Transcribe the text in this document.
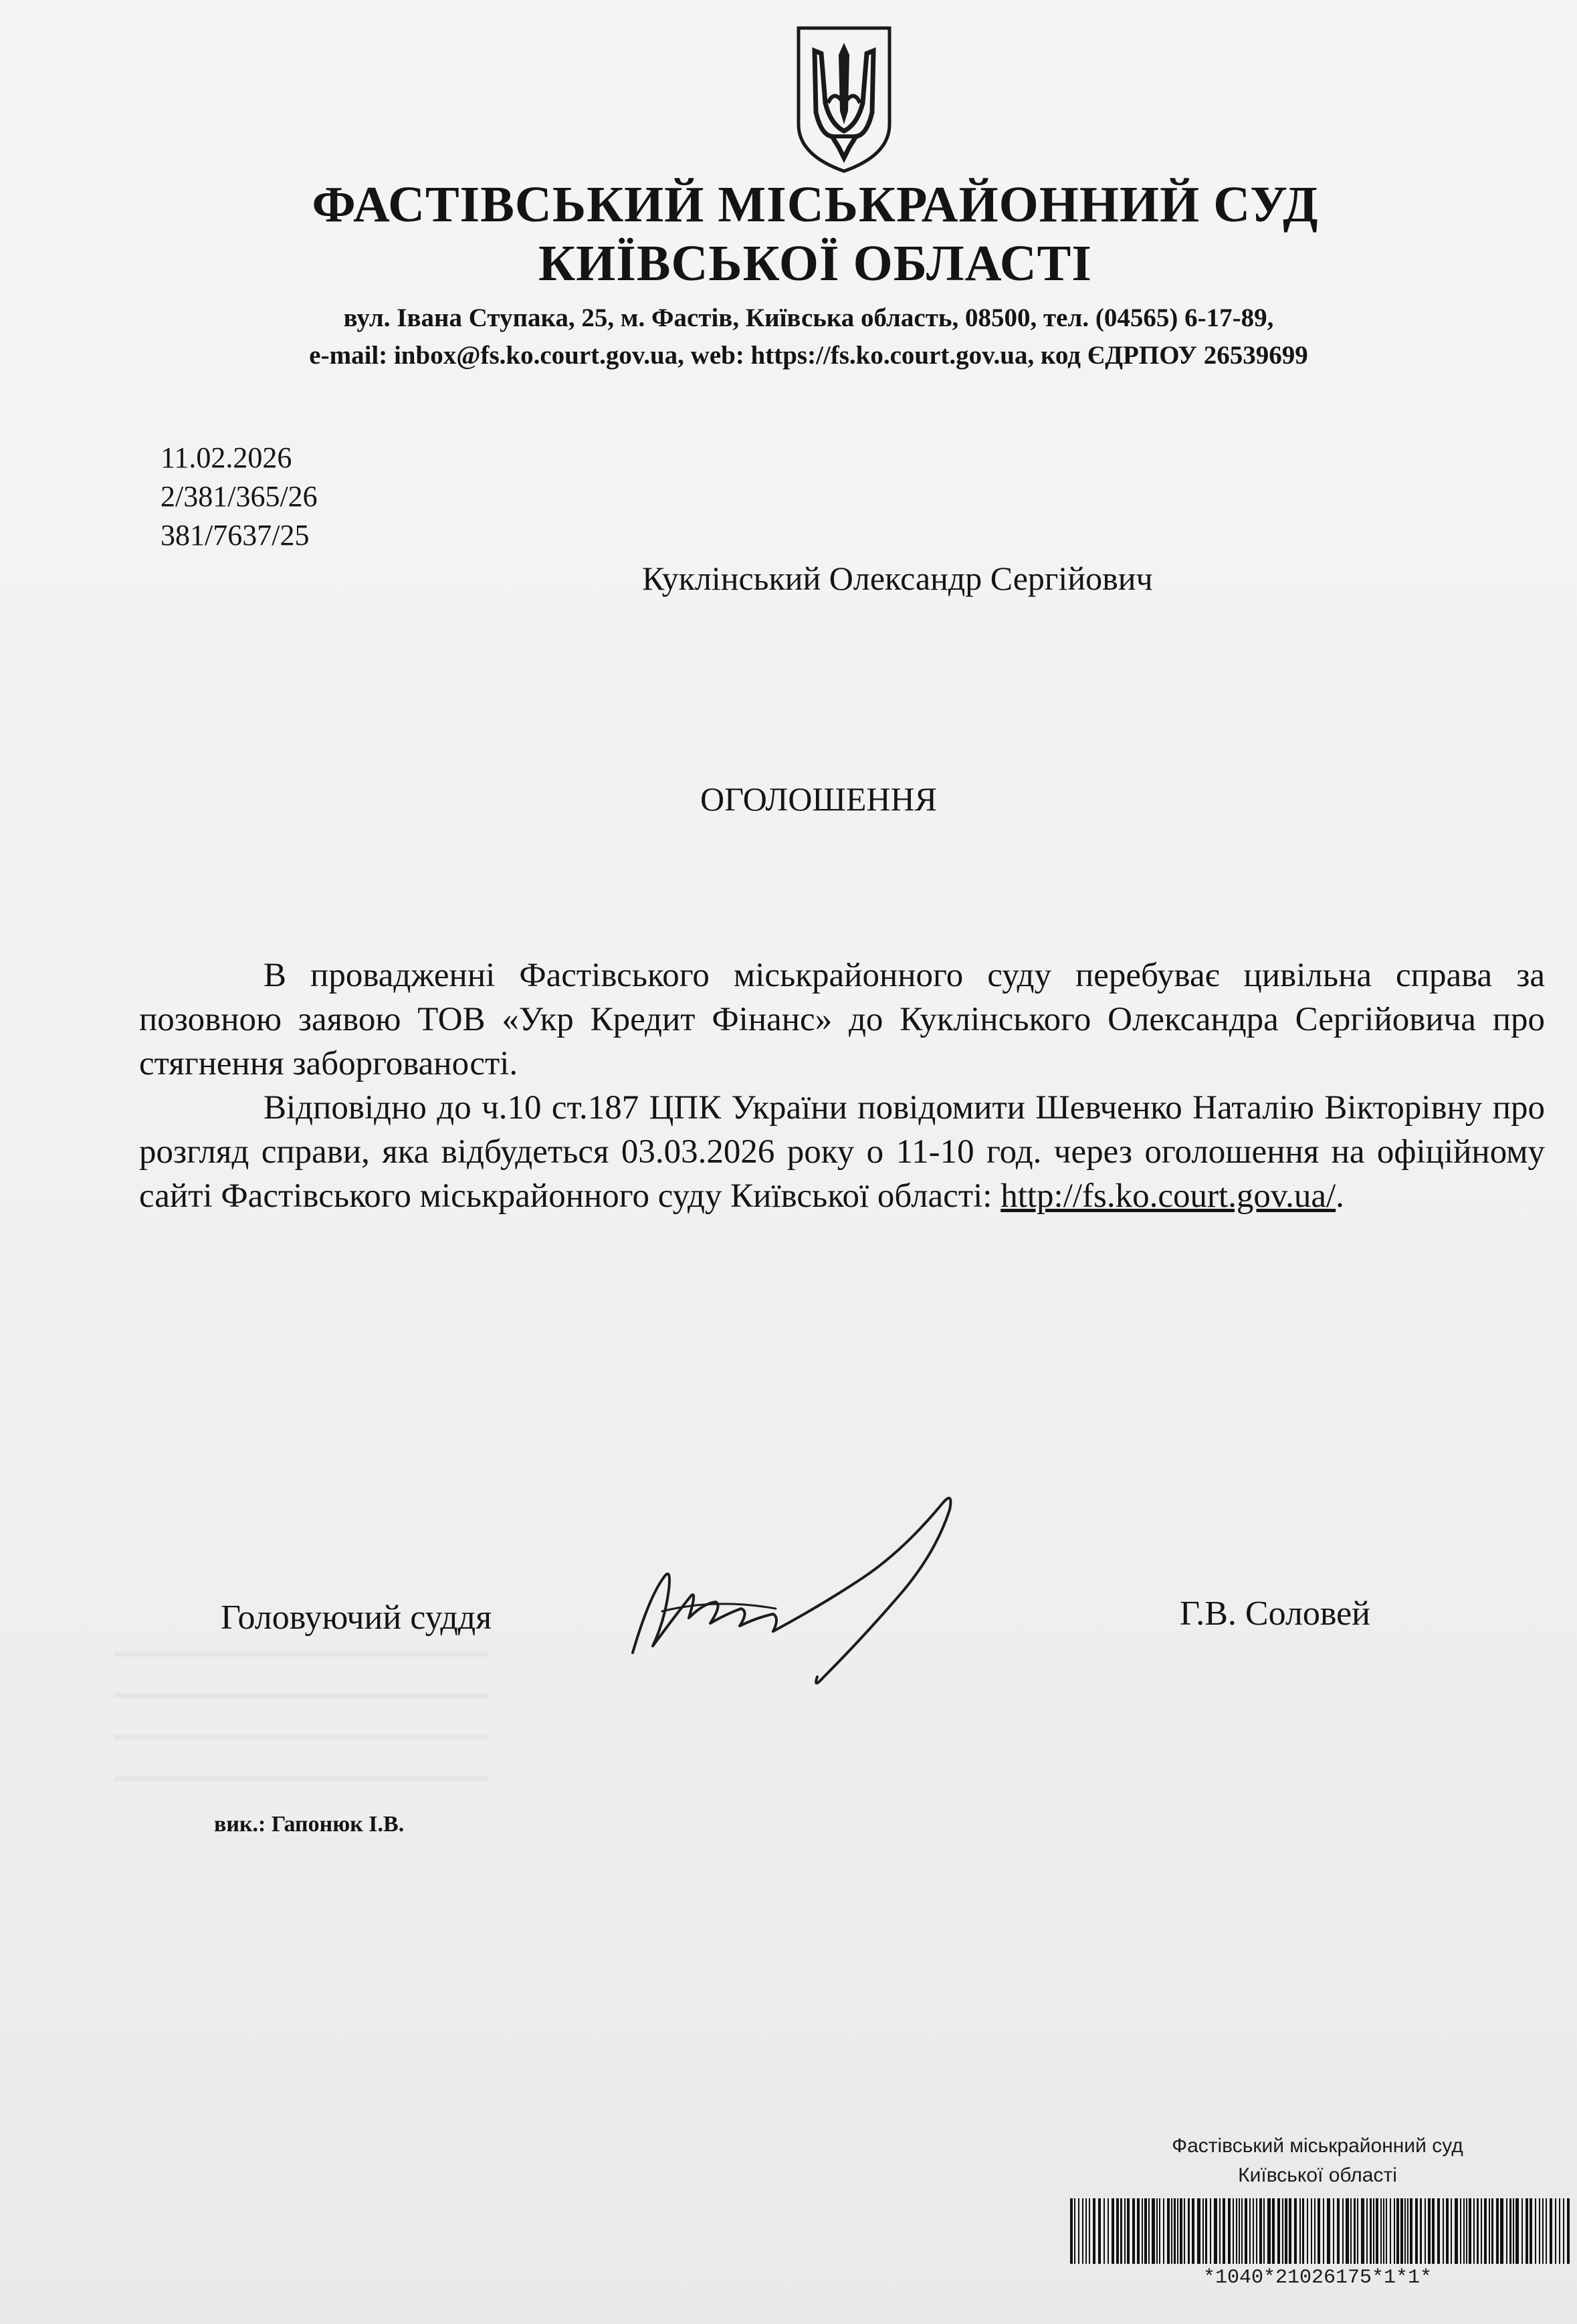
ФАСТІВСЬКИЙ МІСЬКРАЙОННИЙ СУД
КИЇВСЬКОЇ ОБЛАСТІ
вул. Івана Ступака, 25, м. Фастів, Київська область, 08500, тел. (04565) 6-17-89,
e-mail: inbox@fs.ko.court.gov.ua, web: https://fs.ko.court.gov.ua, код ЄДРПОУ 26539699
11.02.2026
2/381/365/26
381/7637/25
Куклінський Олександр Сергійович
ОГОЛОШЕННЯ

В провадженні Фастівського міськрайонного суду перебуває цивільна справа за позовною заявою ТОВ «Укр Кредит Фінанс» до Куклінського Олександра Сергійовича про стягнення заборгованості.

Відповідно до ч.10 ст.187 ЦПК України повідомити Шевченко Наталію Вікторівну про розгляд справи, яка відбудеться 03.03.2026 року о 11-10 год. через оголошення на офіційному сайті Фастівського міськрайонного суду Київської області: http://fs.ko.court.gov.ua/.

Головуючий суддя	Г.В. Соловей
вик.: Гапонюк І.В.
Фастівський міськрайонний суд
Київської області
*1040*21026175*1*1*
